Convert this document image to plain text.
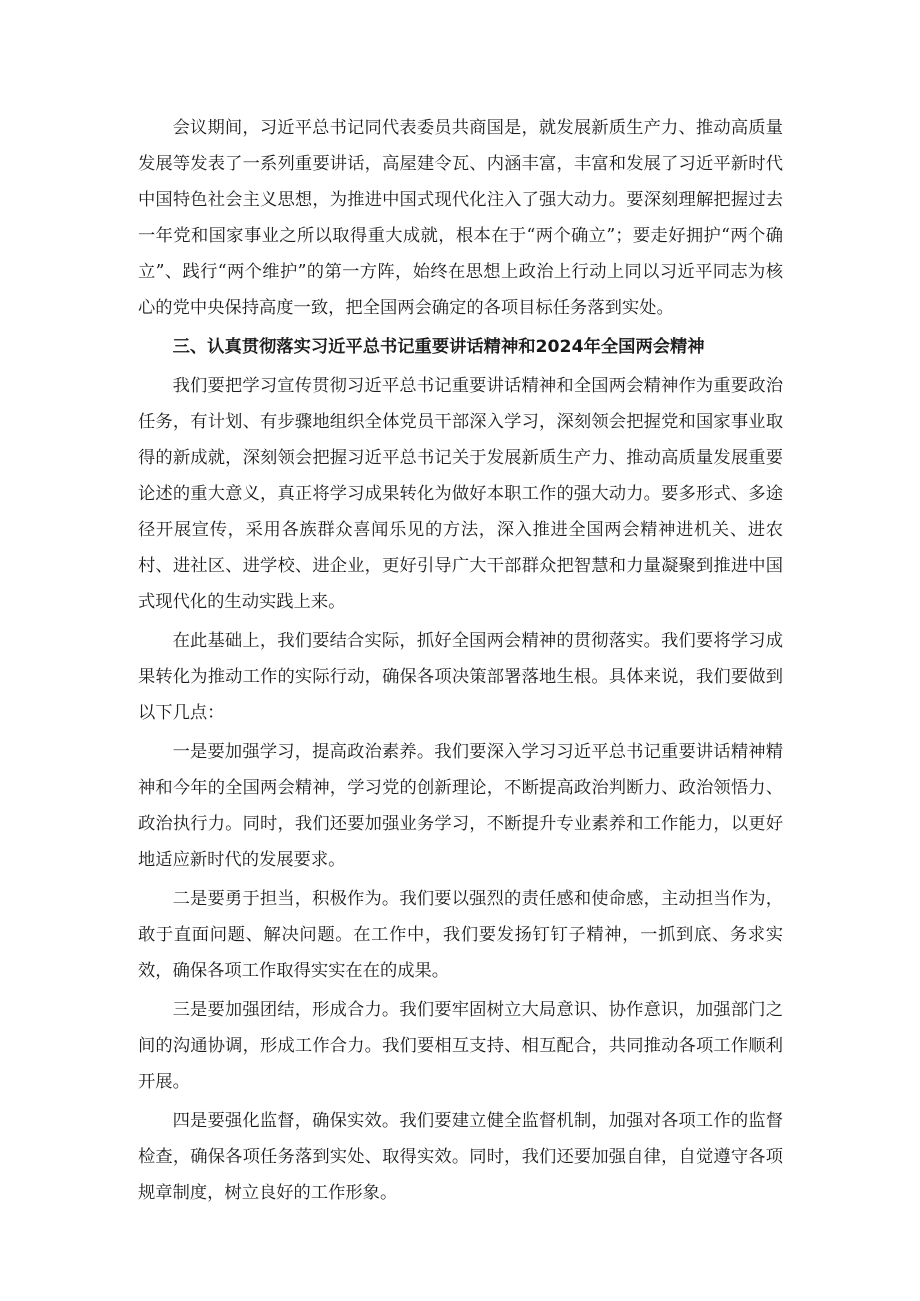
会议期间，习近平总书记同代表委员共商国是，就发展新质生产力、推动高质量发展等发表了一系列重要讲话，高屋建令瓦、内涵丰富，丰富和发展了习近平新时代中国特色社会主义思想，为推进中国式现代化注入了强大动力。要深刻理解把握过去一年党和国家事业之所以取得重大成就，根本在于“两个确立”；要走好拥护“两个确立”、践行“两个维护”的第一方阵，始终在思想上政治上行动上同以习近平同志为核心的党中央保持高度一致，把全国两会确定的各项目标任务落到实处。

三、认真贯彻落实习近平总书记重要讲话精神和2024年全国两会精神

我们要把学习宣传贯彻习近平总书记重要讲话精神和全国两会精神作为重要政治任务，有计划、有步骤地组织全体党员干部深入学习，深刻领会把握党和国家事业取得的新成就，深刻领会把握习近平总书记关于发展新质生产力、推动高质量发展重要论述的重大意义，真正将学习成果转化为做好本职工作的强大动力。要多形式、多途径开展宣传，采用各族群众喜闻乐见的方法，深入推进全国两会精神进机关、进农村、进社区、进学校、进企业，更好引导广大干部群众把智慧和力量凝聚到推进中国式现代化的生动实践上来。

在此基础上，我们要结合实际，抓好全国两会精神的贯彻落实。我们要将学习成果转化为推动工作的实际行动，确保各项决策部署落地生根。具体来说，我们要做到以下几点：

一是要加强学习，提高政治素养。我们要深入学习习近平总书记重要讲话精神精神和今年的全国两会精神，学习党的创新理论，不断提高政治判断力、政治领悟力、政治执行力。同时，我们还要加强业务学习，不断提升专业素养和工作能力，以更好地适应新时代的发展要求。

二是要勇于担当，积极作为。我们要以强烈的责任感和使命感，主动担当作为，敢于直面问题、解决问题。在工作中，我们要发扬钉钉子精神，一抓到底、务求实效，确保各项工作取得实实在在的成果。

三是要加强团结，形成合力。我们要牢固树立大局意识、协作意识，加强部门之间的沟通协调，形成工作合力。我们要相互支持、相互配合，共同推动各项工作顺利开展。

四是要强化监督，确保实效。我们要建立健全监督机制，加强对各项工作的监督检查，确保各项任务落到实处、取得实效。同时，我们还要加强自律，自觉遵守各项规章制度，树立良好的工作形象。
